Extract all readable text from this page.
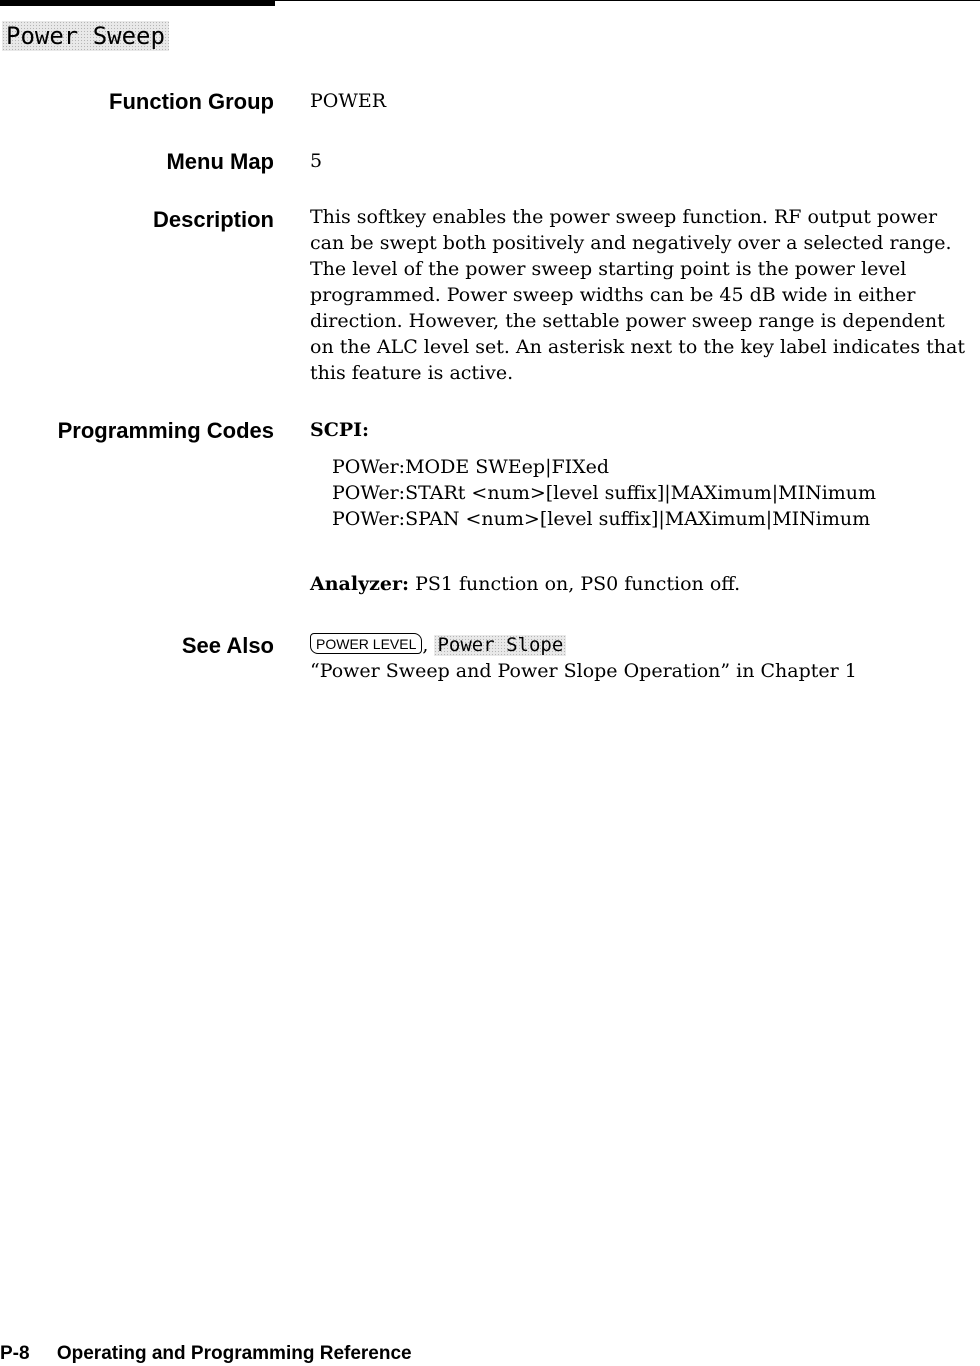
Power Sweep
Function Group POWER
Menu Map 5
Description This softkey enables the power sweep function. RF output power can be swept both positively and negatively over a selected range. The level of the power sweep starting point is the power level programmed. Power sweep widths can be 45 dB wide in either direction. However, the settable power sweep range is dependent on the ALC level set. An asterisk next to the key label indicates that this feature is active.
Programming Codes SCPI:
POWer:MODE SWEep|FIXed
POWer:STARt <num>[level suffix]|MAXimum|MINimum
POWer:SPAN <num>[level suffix]|MAXimum|MINimum
Analyzer: PS1 function on, PS0 function off.
See Also	POWER LEVEL , Power Slope
“Power Sweep and Power Slope Operation” in Chapter 1
P-8 Operating and Programming Reference
